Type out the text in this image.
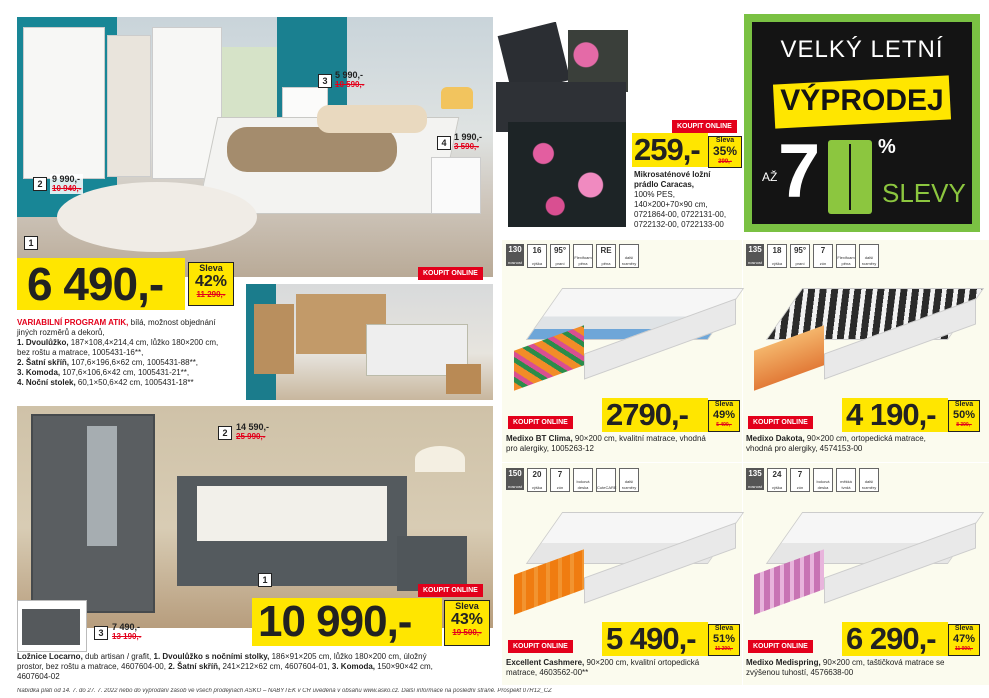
1
2	9 990,-
10 940,-
3
5 990,-
10 590,-
4
1 990,-
3 590,-
6 490,-	Sleva
42%
11 290,-
KOUPIT ONLINE
VARIABILNÍ PROGRAM ATIK, bílá, možnost objednání
jiných rozměrů a dekorů,
1. Dvoulůžko, 187×108,4×214,4 cm, lůžko 180×200 cm,
bez roštu a matrace, 1005431-16**,
2. Šatní skříň, 107,6×196,6×62 cm, 1005431-88**,
3. Komoda, 107,6×106,6×42 cm, 1005431-21**,
4. Noční stolek, 60,1×50,6×42 cm, 1005431-18**
KOUPIT ONLINE
259,-	Sleva
35%
399,-
Mikrosaténové ložní
prádlo Caracas,
100% PES,
140×200+70×90 cm,
0721864-00, 0722131-00,
0722132-00, 0722133-00
VELKÝ LETNÍ
VÝPRODEJ
AŽ 7	%
SLEVY
2
14 590,-
25 990,-
1
3
7 490,-
13 190,-
KOUPIT ONLINE
10 990,-	Sleva
43%
19 500,-
Ložnice Locarno, dub artisan / grafit, 1. Dvoulůžko s nočními stolky, 186×91×205 cm, lůžko 180×200 cm, úložný
prostor, bez roštu a matrace, 4607604-00, 2. Šatní skříň, 241×212×62 cm, 4607604-01, 3. Komoda, 150×90×42 cm,
4607604-02
130
nosnost
16
výška
95°
praní
Flexifoam pěna
RE
pěna
další rozměry
KOUPIT ONLINE 2790,-	Sleva
49%
5 490,-
Medixo BT Clima, 90×200 cm, kvalitní matrace, vhodná
pro alergiky, 1005263-12
135
nosnost
18
výška
95°
praní
7
zón
Flexifoam pěna
další rozměry
KOUPIT ONLINE 4 190,-	Sleva
50%
8 390,-
Medixo Dakota, 90×200 cm, ortopedická matrace,
vhodná pro alergiky, 4574153-00
150
nosnost
20
výška
7
zón
boková deska	CuteCARE
další rozměry
KOUPIT ONLINE 5 490,-	Sleva
51%
11 290,-
Excellent Cashmere, 90×200 cm, kvalitní ortopedická
matrace, 4603562-00**
135
nosnost
24
výška
7
zón
boková deska
měkká tvrdá
další rozměry
KOUPIT ONLINE 6 290,-	Sleva
47%
11 990,-
Medixo Medispring, 90×200 cm, taštičková matrace se
zvýšenou tuhostí, 4576638-00
Nabídka platí od 14. 7. do 27. 7. 2022 nebo do vyprodání zásob ve všech prodejnách ASKO – NÁBYTEK v ČR uvedená v obsahu www.asko.cz. Další informace na poslední straně. Prospekt 07R12_CZ
